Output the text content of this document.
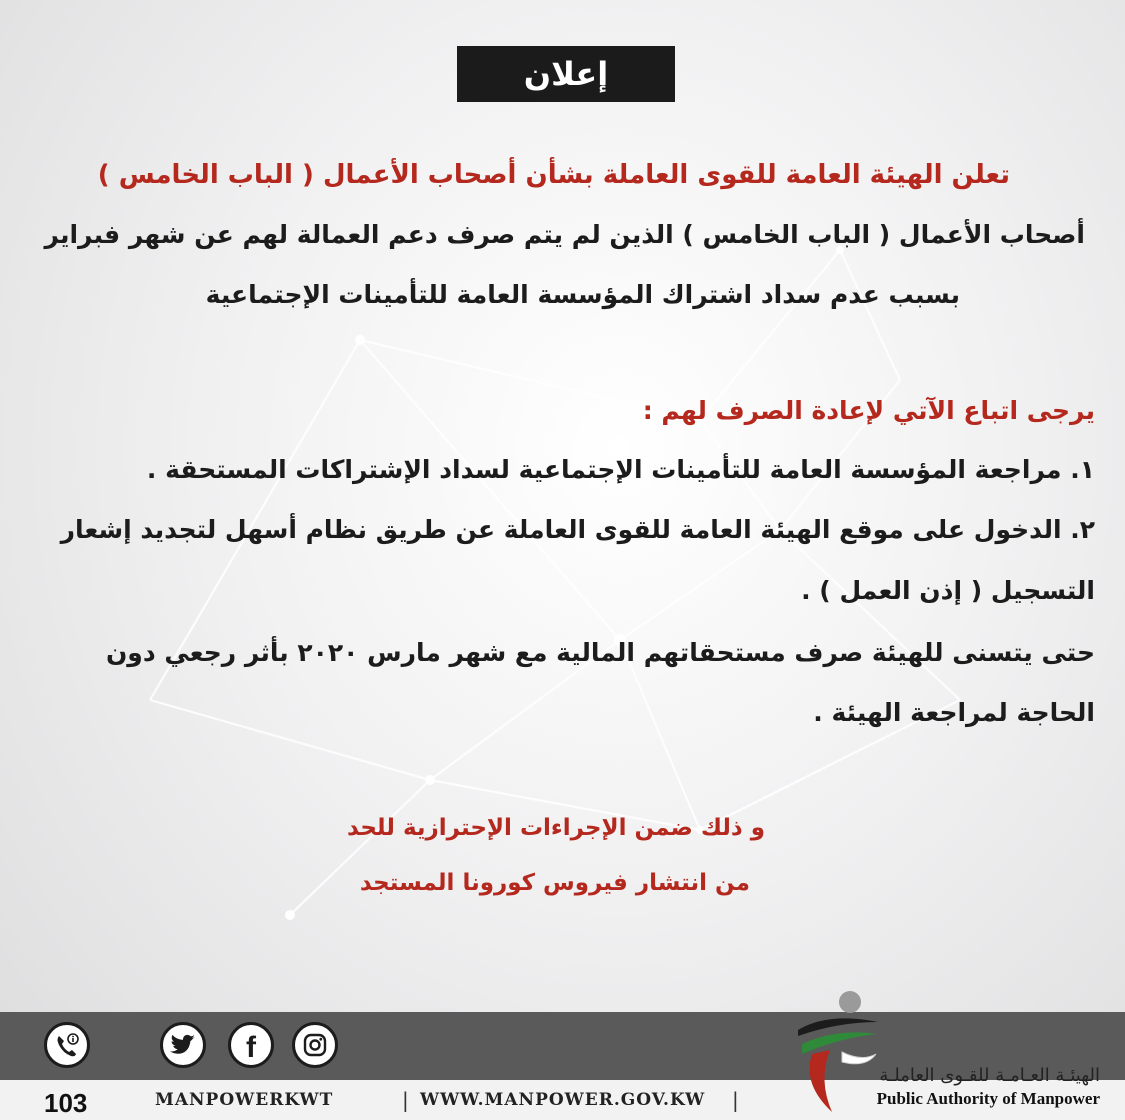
إعلان
تعلن الهيئة العامة للقوى العاملة بشأن أصحاب الأعمال ( الباب الخامس )
أصحاب الأعمال ( الباب الخامس ) الذين لم يتم صرف دعم العمالة لهم عن شهر فبراير
بسبب عدم سداد اشتراك المؤسسة العامة للتأمينات الإجتماعية
يرجى اتباع الآتي لإعادة الصرف لهم :
١. مراجعة المؤسسة العامة للتأمينات الإجتماعية لسداد الإشتراكات المستحقة .
٢. الدخول على موقع الهيئة العامة للقوى العاملة عن طريق نظام أسهل لتجديد إشعار
التسجيل ( إذن العمل ) .
حتى يتسنى للهيئة صرف مستحقاتهم المالية مع شهر مارس ٢٠٢٠ بأثر رجعي دون
الحاجة لمراجعة الهيئة .
و ذلك ضمن الإجراءات الإحترازية للحد
من انتشار فيروس كورونا المستجد
f
103	MANPOWERKWT	| WWW.MANPOWER.GOV.KW |
الهيئـة العـامـة للقـوى العاملـة
Public Authority of Manpower
